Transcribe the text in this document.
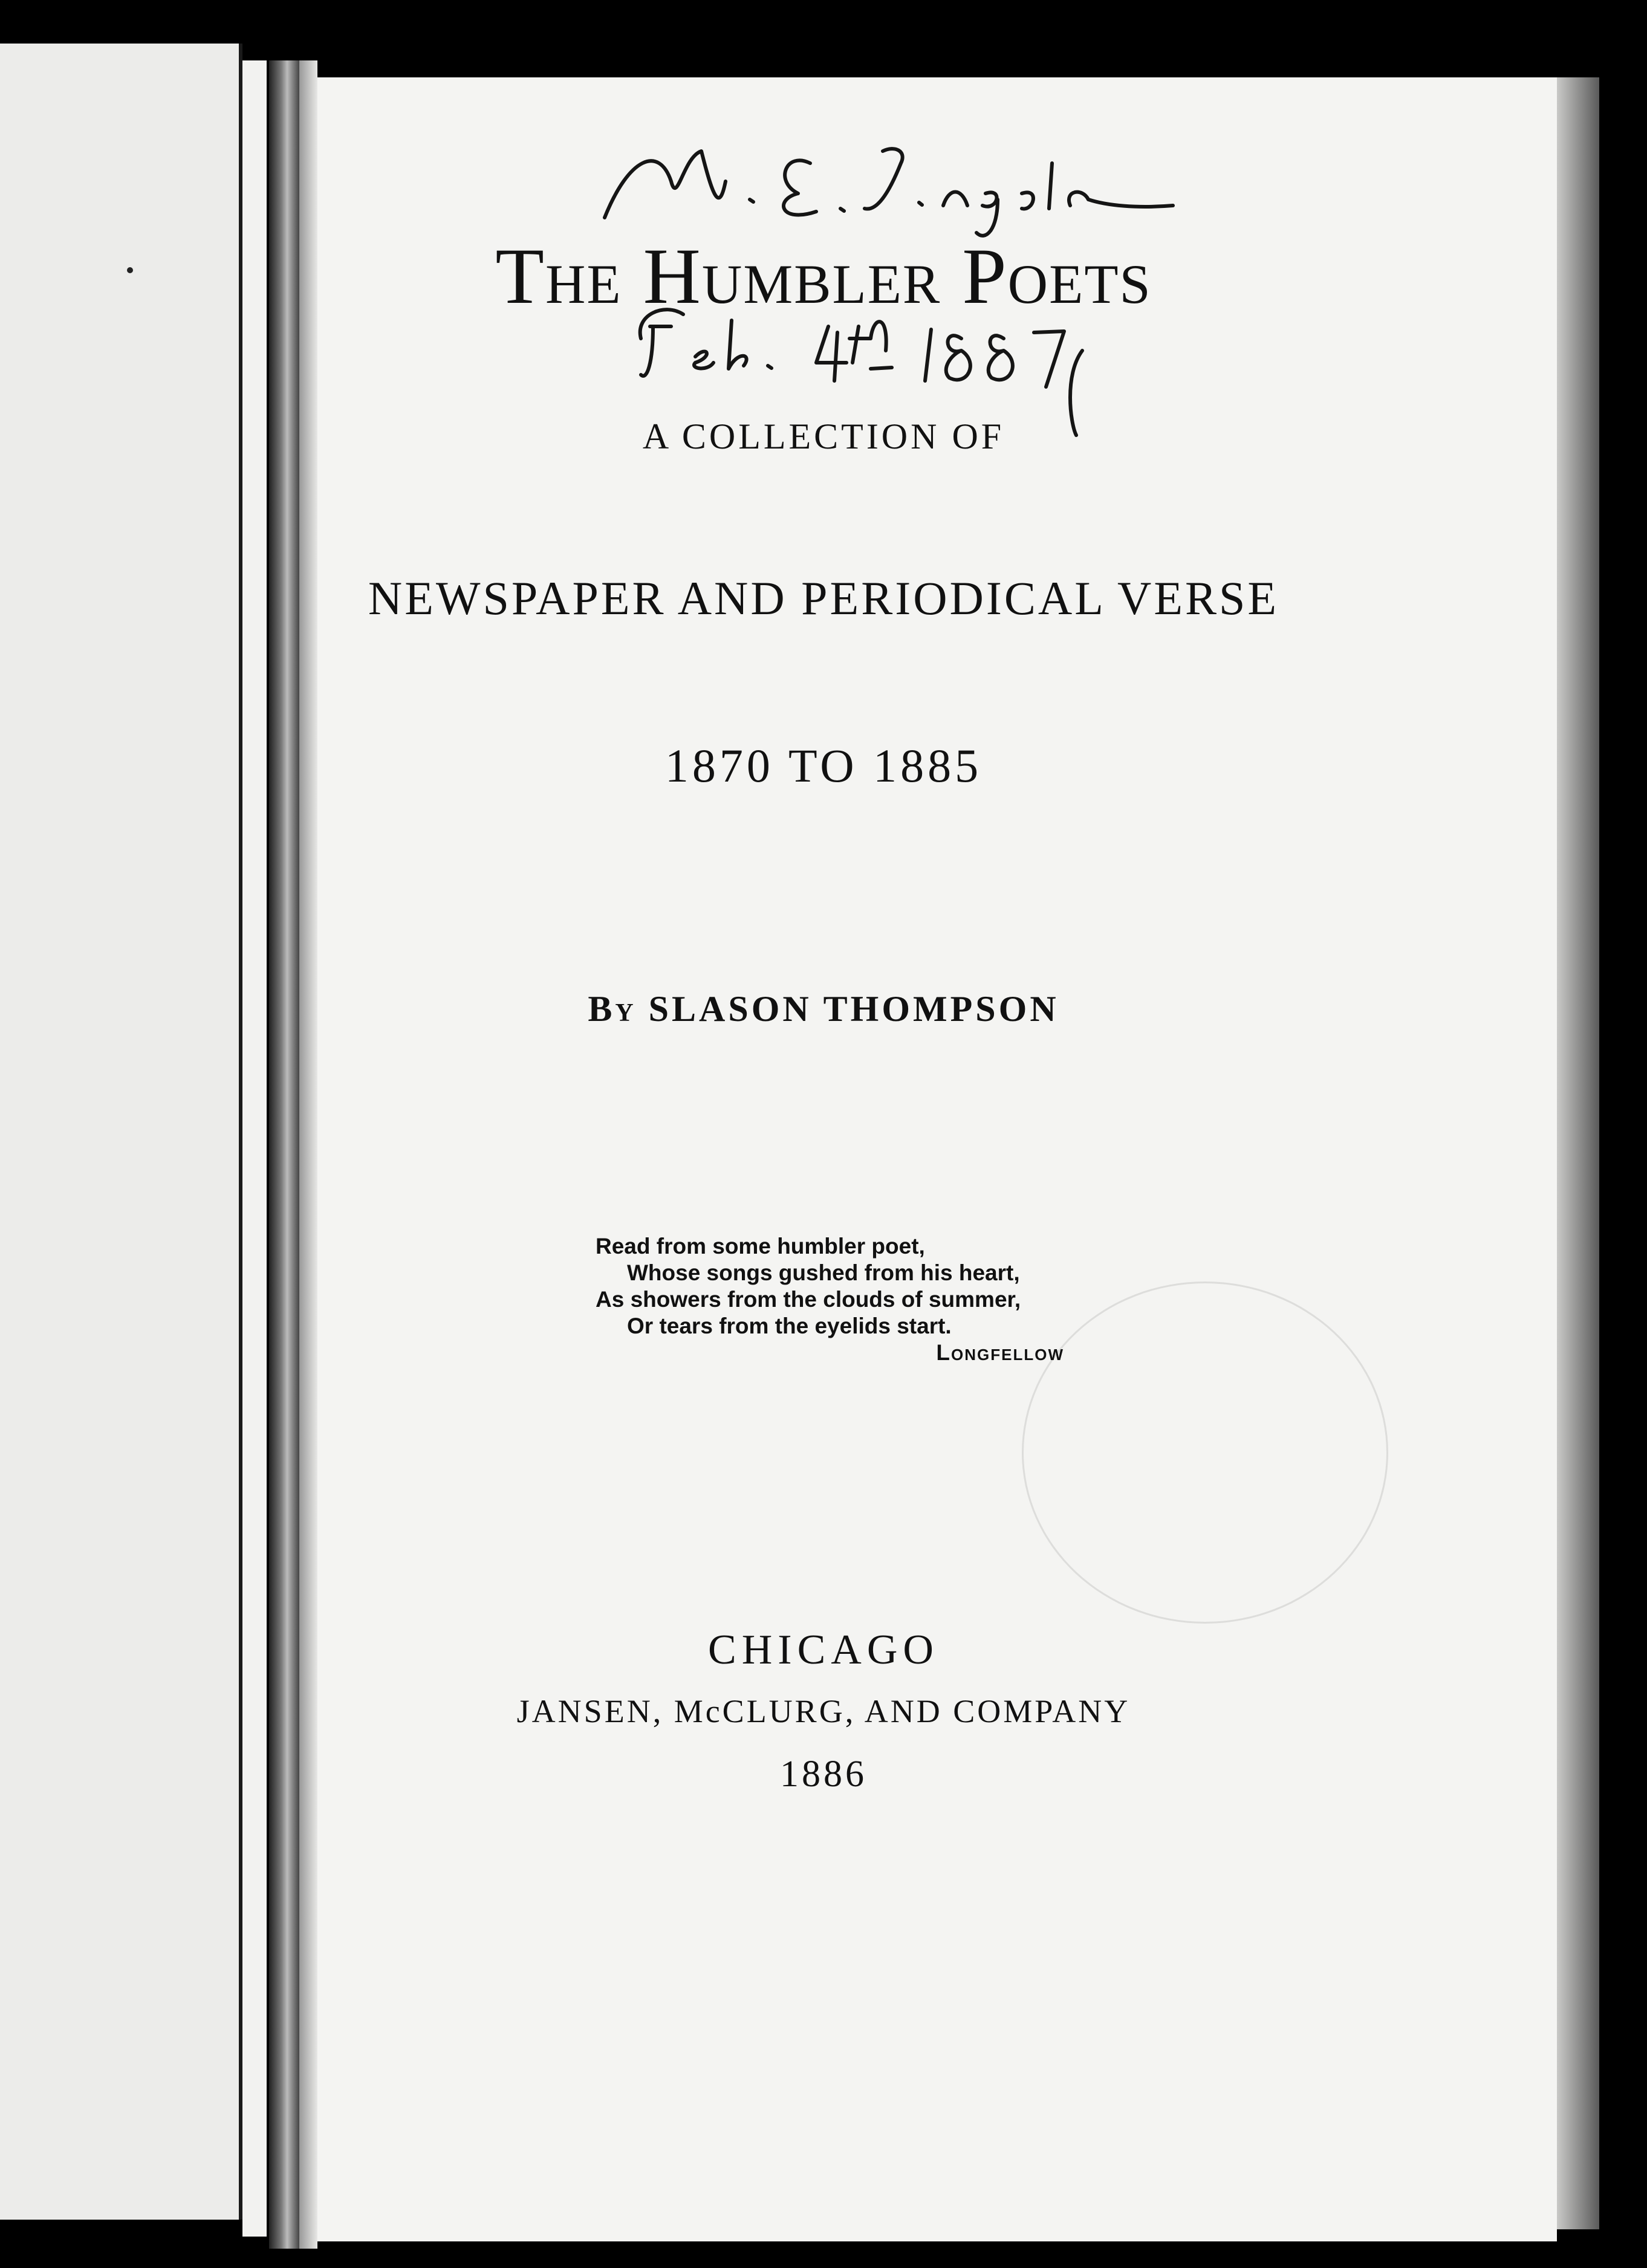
The Humbler Poets
A COLLECTION OF
NEWSPAPER AND PERIODICAL VERSE
1870 TO 1885
By SLASON THOMPSON
Read from some humbler poet,
Whose songs gushed from his heart,
As showers from the clouds of summer,
Or tears from the eyelids start.
Longfellow
CHICAGO
JANSEN, McCLURG, AND COMPANY
1886
